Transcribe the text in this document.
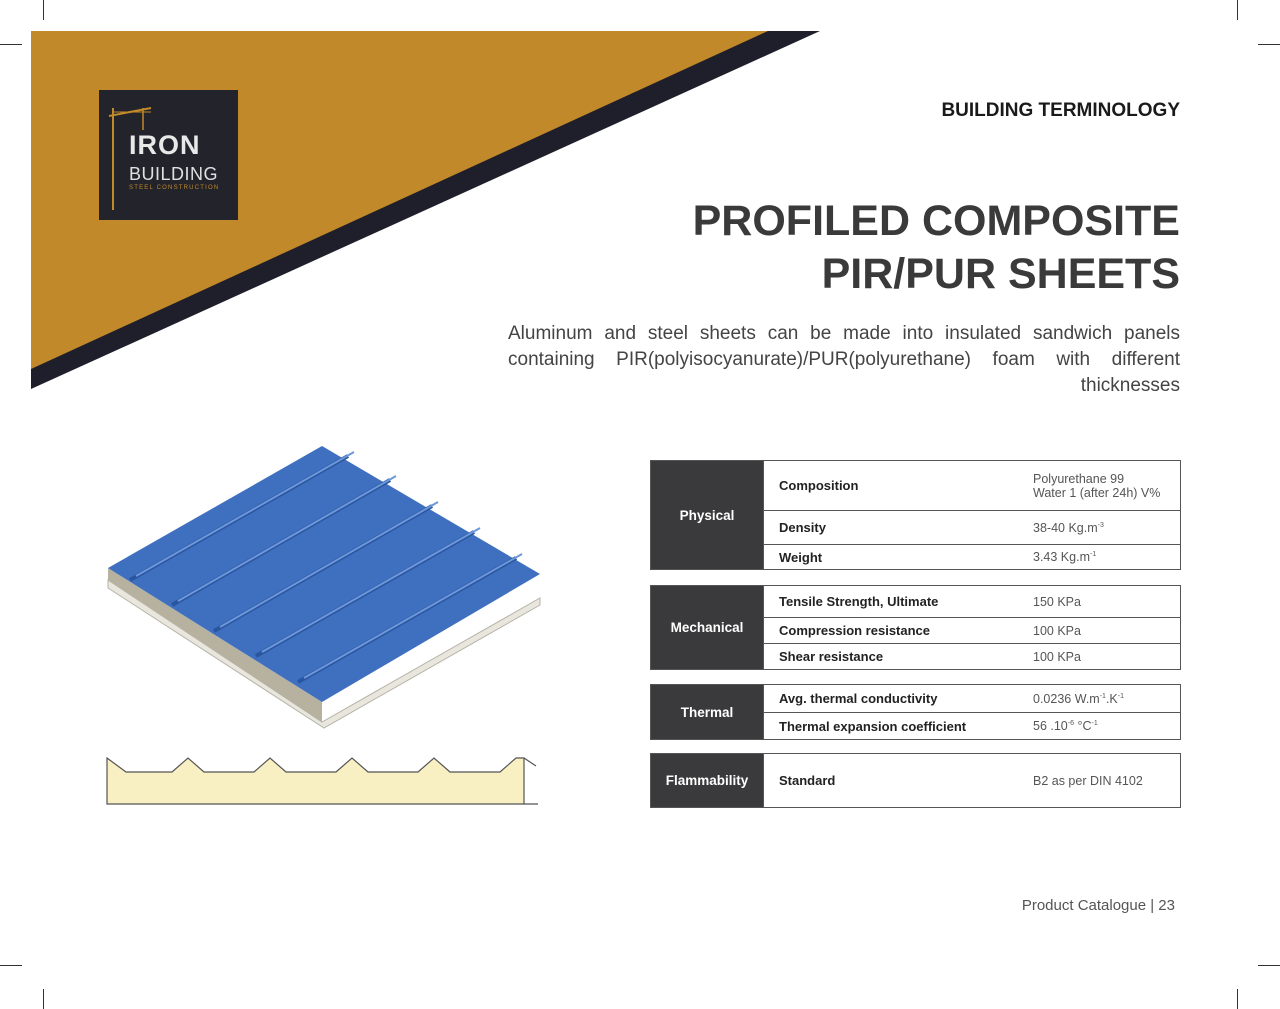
IRON
BUILDING
STEEL CONSTRUCTION
BUILDING TERMINOLOGY
PROFILED COMPOSITE
PIR/PUR SHEETS

Aluminum and steel sheets can be made into insulated sandwich panels containing PIR(polyisocyanurate)/PUR(polyurethane) foam with different thicknesses

Physical	Composition	Polyurethane 99
Water 1 (after 24h) V%

	Density	38-40 $Kg.m^{-3}$
	Weight	3.43 $Kg.m^{-1}$
Mechanical	Tensile Strength, Ultimate	150 KPa
	Compression resistance	100 KPa
	Shear resistance	100 KPa
Thermal	Avg. thermal conductivity	0.0236 $W.m^{-1}.K^{-1}$
	Thermal expansion coefficient	56 $.10^{-6}$ $^\circ C^{-1}$
Flammability	Standard	B2 as per DIN 4102
Product Catalogue | 23
